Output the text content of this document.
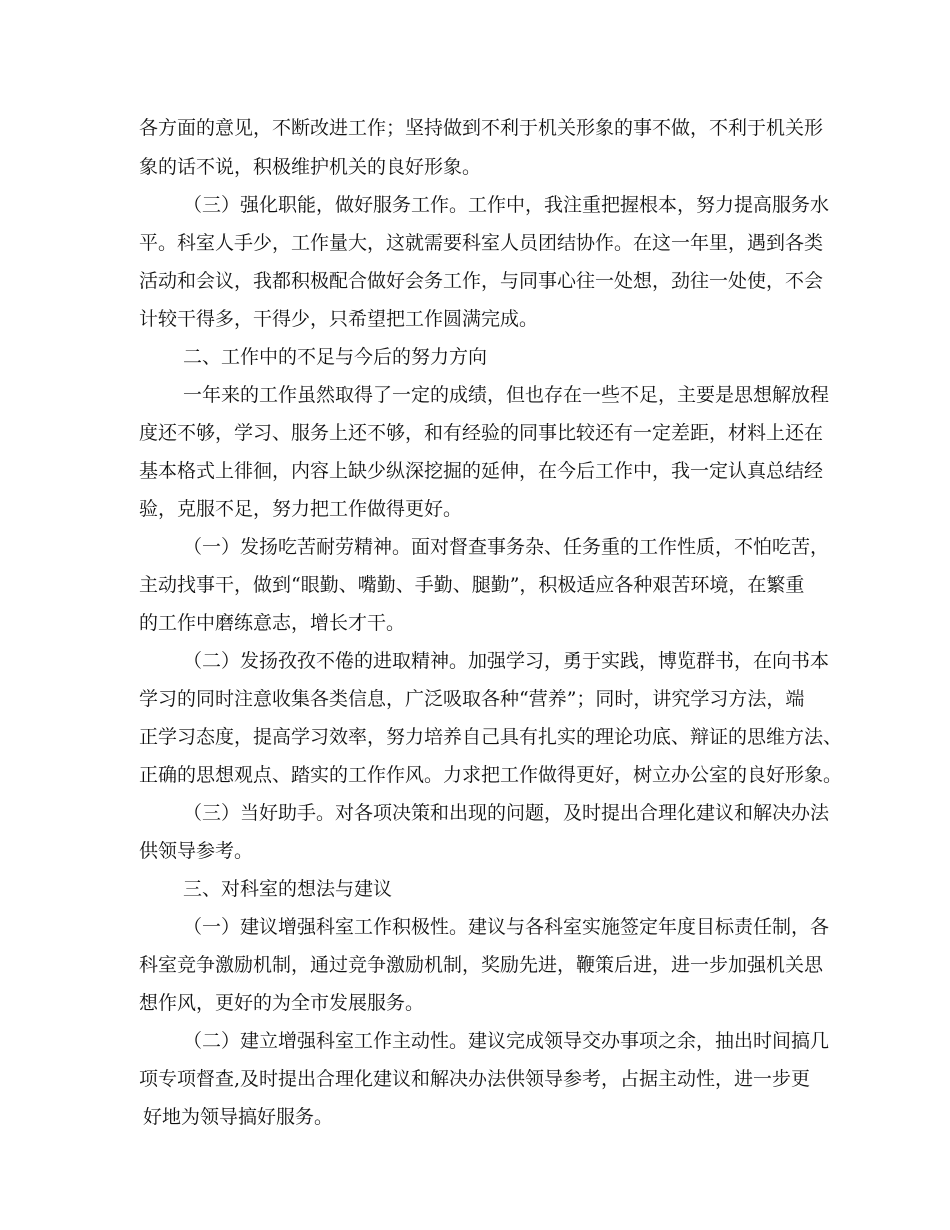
各方面的意见，不断改进工作；坚持做到不利于机关形象的事不做，不利于机关形

象的话不说，积极维护机关的良好形象。

（三）强化职能，做好服务工作。工作中，我注重把握根本，努力提高服务水

平。科室人手少，工作量大，这就需要科室人员团结协作。在这一年里，遇到各类

活动和会议，我都积极配合做好会务工作，与同事心往一处想，劲往一处使，不会

计较干得多，干得少，只希望把工作圆满完成。

二、工作中的不足与今后的努力方向

一年来的工作虽然取得了一定的成绩，但也存在一些不足，主要是思想解放程

度还不够，学习、服务上还不够，和有经验的同事比较还有一定差距，材料上还在

基本格式上徘徊，内容上缺少纵深挖掘的延伸，在今后工作中，我一定认真总结经

验，克服不足，努力把工作做得更好。

（一）发扬吃苦耐劳精神。面对督查事务杂、任务重的工作性质，不怕吃苦，

主动找事干，做到“眼勤、嘴勤、手勤、腿勤”，积极适应各种艰苦环境，在繁重

的工作中磨练意志，增长才干。

（二）发扬孜孜不倦的进取精神。加强学习，勇于实践，博览群书，在向书本

学习的同时注意收集各类信息，广泛吸取各种“营养”；同时，讲究学习方法，端

正学习态度，提高学习效率，努力培养自己具有扎实的理论功底、辩证的思维方法、

正确的思想观点、踏实的工作作风。力求把工作做得更好，树立办公室的良好形象。

（三）当好助手。对各项决策和出现的问题，及时提出合理化建议和解决办法

供领导参考。

三、对科室的想法与建议

（一）建议增强科室工作积极性。建议与各科室实施签定年度目标责任制，各

科室竞争激励机制，通过竞争激励机制，奖励先进，鞭策后进，进一步加强机关思

想作风，更好的为全市发展服务。

（二）建立增强科室工作主动性。建议完成领导交办事项之余，抽出时间搞几

项专项督查,及时提出合理化建议和解决办法供领导参考，占据主动性，进一步更

好地为领导搞好服务。
